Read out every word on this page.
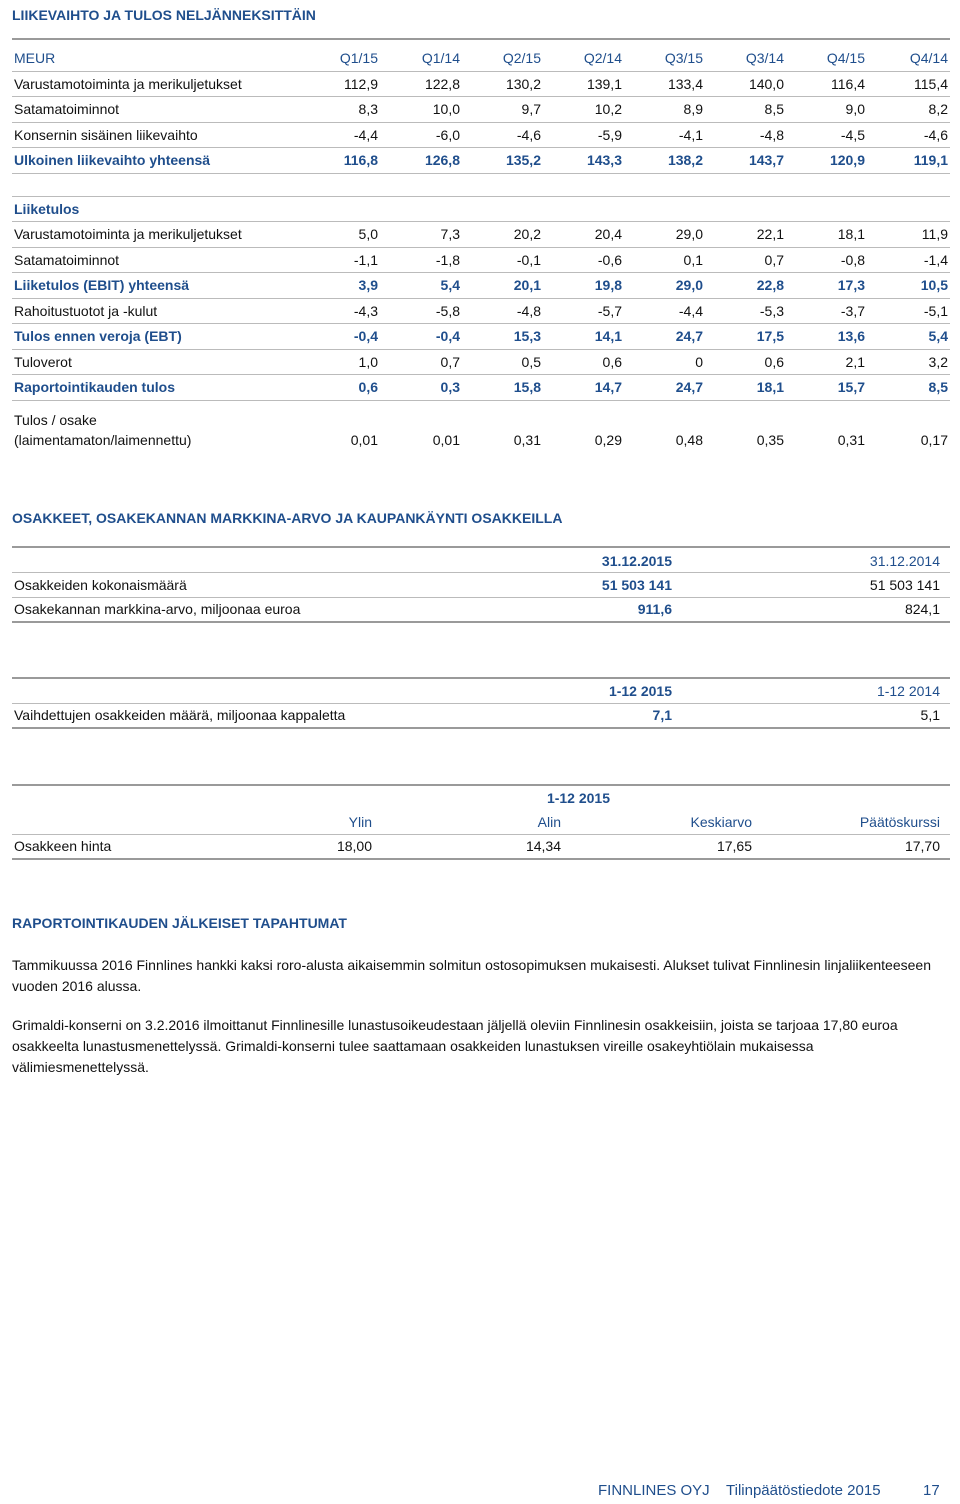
LIIKEVAIHTO JA TULOS NELJÄNNEKSITTÄIN
MEUR	Q1/15	Q1/14	Q2/15	Q2/14	Q3/15	Q3/14	Q4/15	Q4/14
Varustamotoiminta ja merikuljetukset	112,9	122,8	130,2	139,1	133,4	140,0	116,4	115,4
Satamatoiminnot	8,3	10,0	9,7	10,2	8,9	8,5	9,0	8,2
Konsernin sisäinen liikevaihto	-4,4	-6,0	-4,6	-5,9	-4,1	-4,8	-4,5	-4,6
Ulkoinen liikevaihto yhteensä	116,8	126,8	135,2	143,3	138,2	143,7	120,9	119,1
Liiketulos
Varustamotoiminta ja merikuljetukset	5,0	7,3	20,2	20,4	29,0	22,1	18,1	11,9
Satamatoiminnot	-1,1	-1,8	-0,1	-0,6	0,1	0,7	-0,8	-1,4
Liiketulos (EBIT) yhteensä	3,9	5,4	20,1	19,8	29,0	22,8	17,3	10,5
Rahoitustuotot ja -kulut	-4,3	-5,8	-4,8	-5,7	-4,4	-5,3	-3,7	-5,1
Tulos ennen veroja (EBT)	-0,4	-0,4	15,3	14,1	24,7	17,5	13,6	5,4
Tuloverot	1,0	0,7	0,5	0,6	0	0,6	2,1	3,2
Raportointikauden tulos	0,6	0,3	15,8	14,7	24,7	18,1	15,7	8,5
Tulos / osake
(laimentamaton/laimennettu)	0,01	0,01	0,31	0,29	0,48	0,35	0,31	0,17
OSAKKEET, OSAKEKANNAN MARKKINA-ARVO JA KAUPANKÄYNTI OSAKKEILLA
31.12.2015	31.12.2014
Osakkeiden kokonaismäärä	51 503 141	51 503 141
Osakekannan markkina-arvo, miljoonaa euroa	911,6	824,1
1-12 2015	1-12 2014
Vaihdettujen osakkeiden määrä, miljoonaa kappaletta	7,1	5,1
1-12 2015
Ylin	Alin	Keskiarvo	Päätöskurssi
Osakkeen hinta	18,00	14,34	17,65	17,70
RAPORTOINTIKAUDEN JÄLKEISET TAPAHTUMAT
Tammikuussa 2016 Finnlines hankki kaksi roro-alusta aikaisemmin solmitun ostosopimuksen mukaisesti. Alukset tulivat Finnlinesin linjaliikenteeseen vuoden 2016 alussa.
Grimaldi-konserni on 3.2.2016 ilmoittanut Finnlinesille lunastusoikeudestaan jäljellä oleviin Finnlinesin osakkeisiin, joista se tarjoaa 17,80 euroa osakkeelta lunastusmenettelyssä. Grimaldi-konserni tulee saattamaan osakkeiden lunastuksen vireille osakeyhtiölain mukaisessa välimiesmenettelyssä.
FINNLINES OYJ Tilinpäätöstiedote 2015	17
